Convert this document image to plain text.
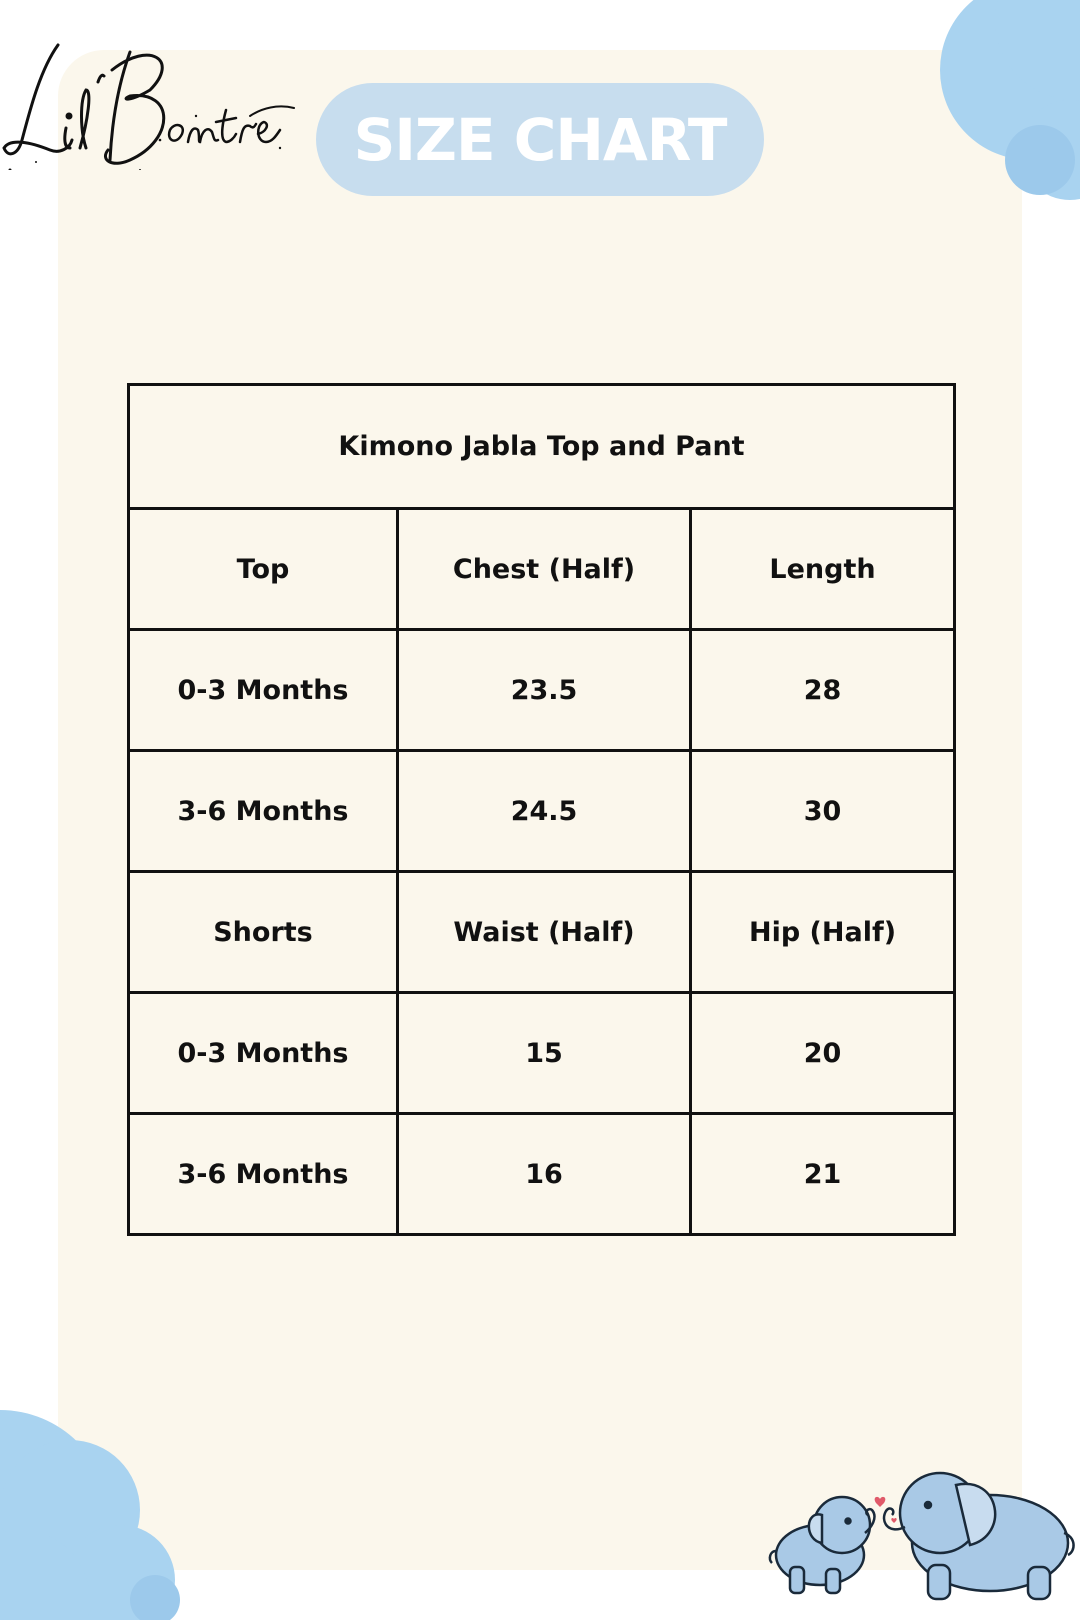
SIZE CHART
Kimono Jabla Top and Pant		
Top	Chest (Half)	Length
0-3 Months	23.5	28
3-6 Months	24.5	30
Shorts	Waist (Half)	Hip (Half)
0-3 Months	15	20
3-6 Months	16	21
